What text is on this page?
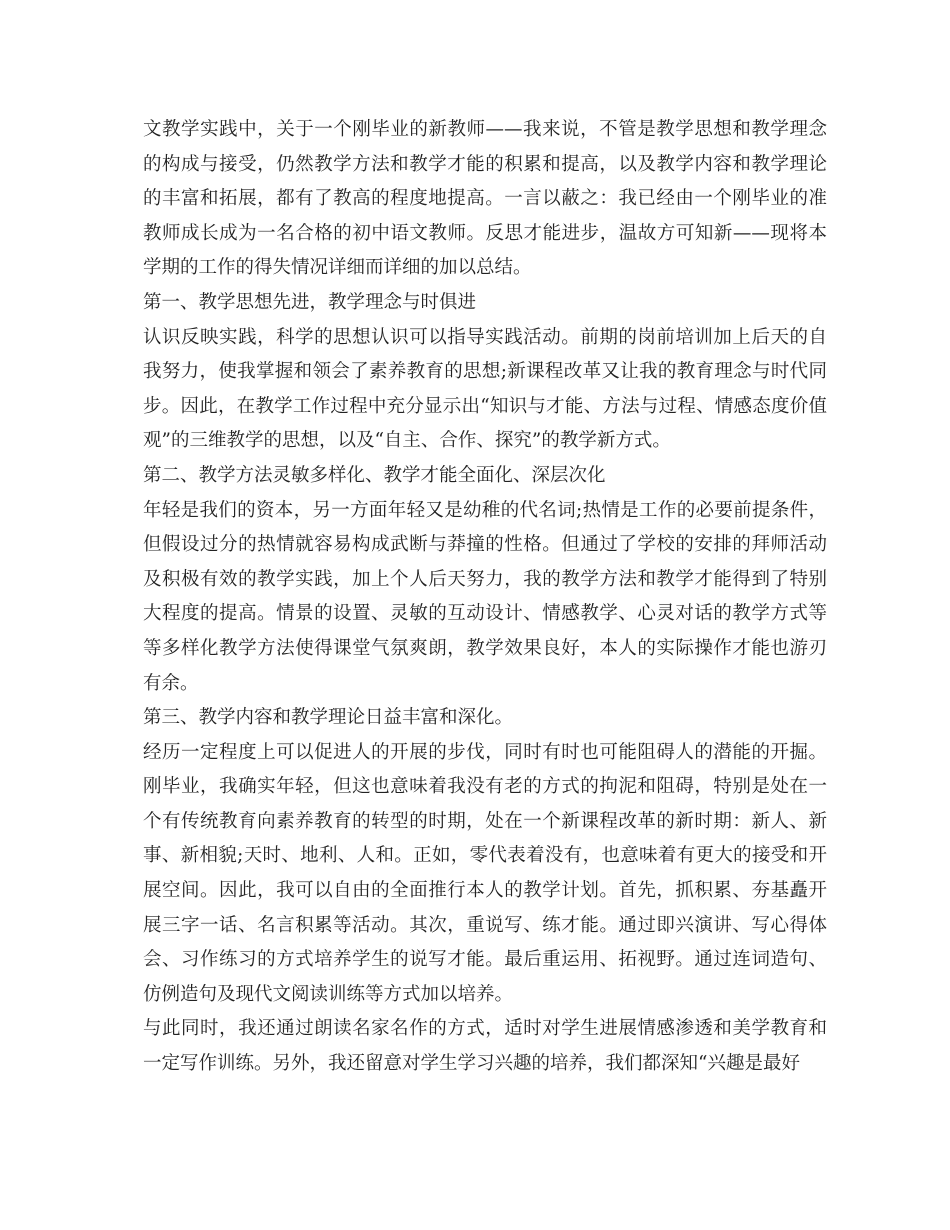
文教学实践中，关于一个刚毕业的新教师——我来说，不管是教学思想和教学理念的构成与接受，仍然教学方法和教学才能的积累和提高，以及教学内容和教学理论的丰富和拓展，都有了教高的程度地提高。一言以蔽之：我已经由一个刚毕业的准教师成长成为一名合格的初中语文教师。反思才能进步，温故方可知新——现将本学期的工作的得失情况详细而详细的加以总结。

第一、教学思想先进，教学理念与时俱进

认识反映实践，科学的思想认识可以指导实践活动。前期的岗前培训加上后天的自我努力，使我掌握和领会了素养教育的思想;新课程改革又让我的教育理念与时代同步。因此，在教学工作过程中充分显示出“知识与才能、方法与过程、情感态度价值观”的三维教学的思想，以及“自主、合作、探究”的教学新方式。

第二、教学方法灵敏多样化、教学才能全面化、深层次化

年轻是我们的资本，另一方面年轻又是幼稚的代名词;热情是工作的必要前提条件，但假设过分的热情就容易构成武断与莽撞的性格。但通过了学校的安排的拜师活动及积极有效的教学实践，加上个人后天努力，我的教学方法和教学才能得到了特别大程度的提高。情景的设置、灵敏的互动设计、情感教学、心灵对话的教学方式等等多样化教学方法使得课堂气氛爽朗，教学效果良好，本人的实际操作才能也游刃有余。

第三、教学内容和教学理论日益丰富和深化。

经历一定程度上可以促进人的开展的步伐，同时有时也可能阻碍人的潜能的开掘。刚毕业，我确实年轻，但这也意味着我没有老的方式的拘泥和阻碍，特别是处在一个有传统教育向素养教育的转型的时期，处在一个新课程改革的新时期：新人、新事、新相貌;天时、地利、人和。正如，零代表着没有，也意味着有更大的接受和开展空间。因此，我可以自由的全面推行本人的教学计划。首先，抓积累、夯基矗开展三字一话、名言积累等活动。其次，重说写、练才能。通过即兴演讲、写心得体会、习作练习的方式培养学生的说写才能。最后重运用、拓视野。通过连词造句、仿例造句及现代文阅读训练等方式加以培养。

与此同时，我还通过朗读名家名作的方式，适时对学生进展情感渗透和美学教育和一定写作训练。另外，我还留意对学生学习兴趣的培养，我们都深知“兴趣是最好
